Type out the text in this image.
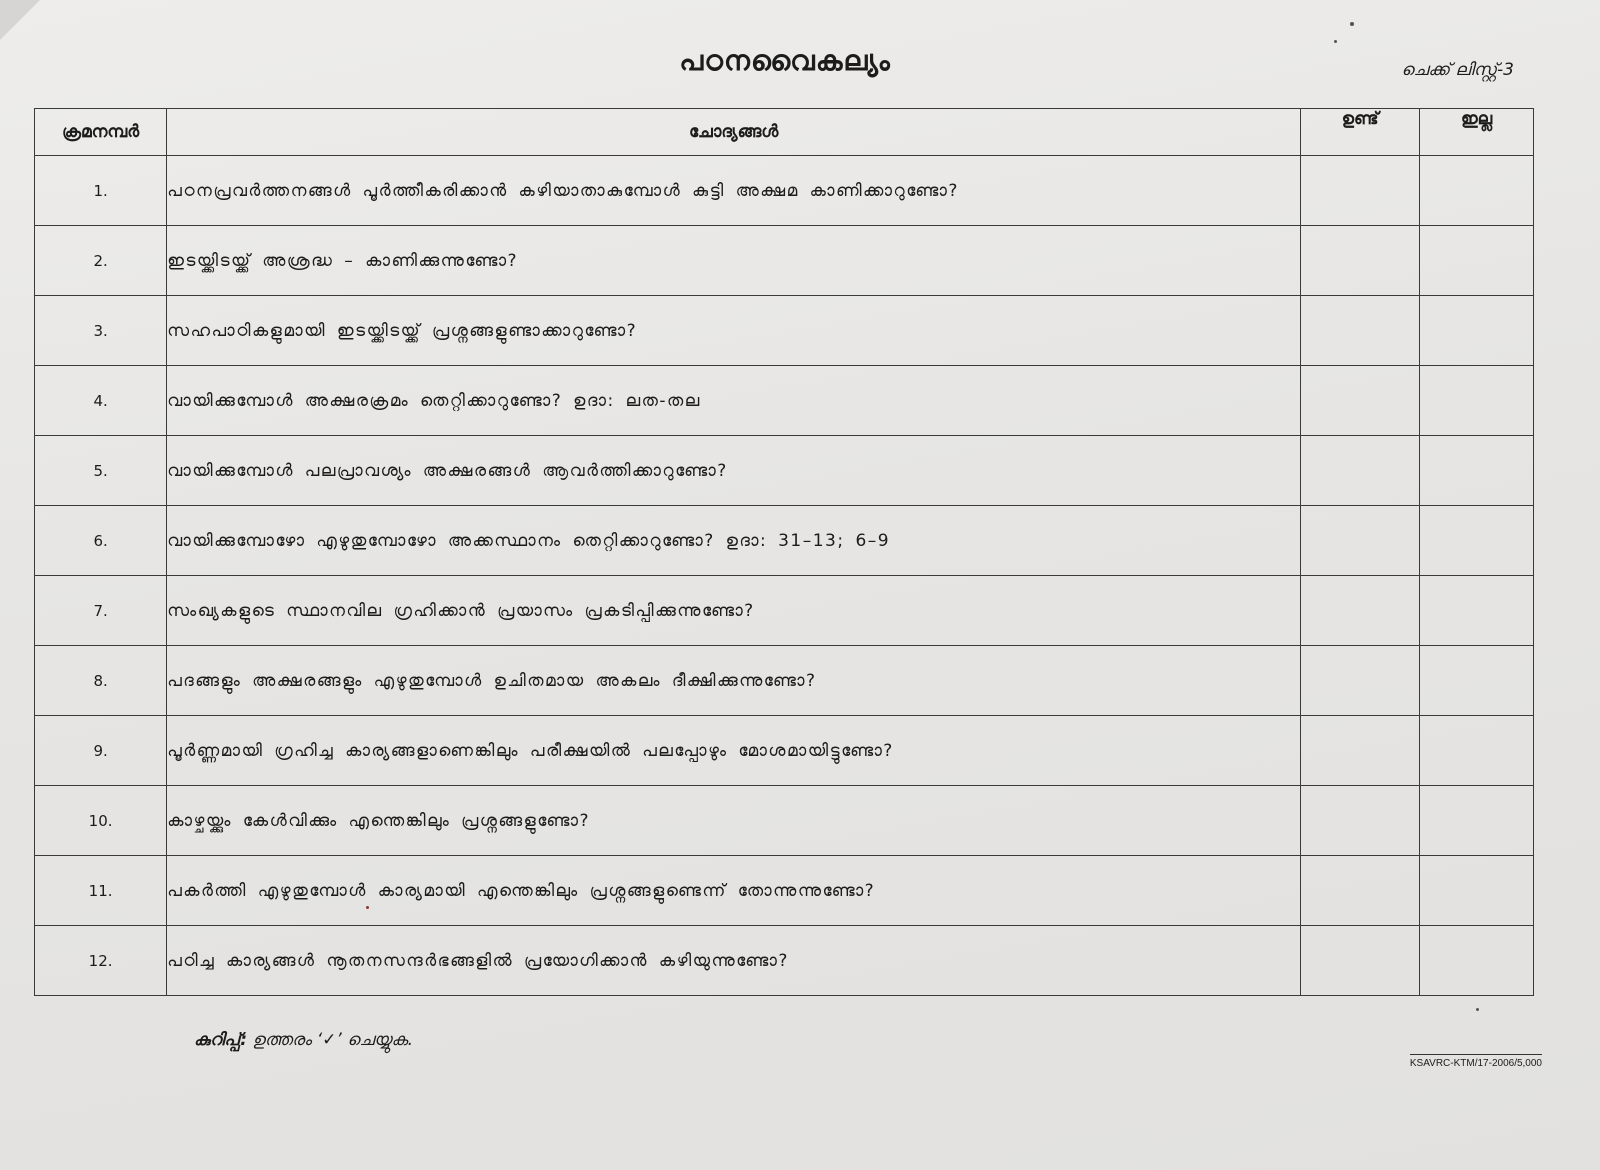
പഠനവൈകല്യം	ചെക്ക് ലിസ്റ്റ്-3
ക്രമനമ്പർ	ചോദ്യങ്ങൾ	ഉണ്ട്	ഇല്ല
1.	പഠനപ്രവർത്തനങ്ങൾ പൂർത്തീകരിക്കാൻ കഴിയാതാകുമ്പോൾ കുട്ടി അക്ഷമ കാണിക്കാറുണ്ടോ?		
2.	ഇടയ്ക്കിടയ്ക്ക് അശ്രദ്ധ – കാണിക്കുന്നുണ്ടോ?		
3.	സഹപാഠികളുമായി ഇടയ്ക്കിടയ്ക്ക് പ്രശ്നങ്ങളുണ്ടാക്കാറുണ്ടോ?		
4.	വായിക്കുമ്പോൾ അക്ഷരക്രമം തെറ്റിക്കാറുണ്ടോ? ഉദാ: ലത-തല		
5.	വായിക്കുമ്പോൾ പലപ്രാവശ്യം അക്ഷരങ്ങൾ ആവർത്തിക്കാറുണ്ടോ?		
6.	വായിക്കുമ്പോഴോ എഴുതുമ്പോഴോ അക്കസ്ഥാനം തെറ്റിക്കാറുണ്ടോ? ഉദാ: 31–13; 6–9		
7.	സംഖ്യകളുടെ സ്ഥാനവില ഗ്രഹിക്കാൻ പ്രയാസം പ്രകടിപ്പിക്കുന്നുണ്ടോ?		
8.	പദങ്ങളും അക്ഷരങ്ങളും എഴുതുമ്പോൾ ഉചിതമായ അകലം ദീക്ഷിക്കുന്നുണ്ടോ?		
9.	പൂർണ്ണമായി ഗ്രഹിച്ച കാര്യങ്ങളാണെങ്കിലും പരീക്ഷയിൽ പലപ്പോഴും മോശമായിട്ടുണ്ടോ?		
10.	കാഴ്ചയ്ക്കും കേൾവിക്കും എന്തെങ്കിലും പ്രശ്നങ്ങളുണ്ടോ?		
11.	പകർത്തി എഴുതുമ്പോൾ കാര്യമായി എന്തെങ്കിലും പ്രശ്നങ്ങളുണ്ടെന്ന് തോന്നുന്നുണ്ടോ?		
12.	പഠിച്ച കാര്യങ്ങൾ നൂതനസന്ദർഭങ്ങളിൽ പ്രയോഗിക്കാൻ കഴിയുന്നുണ്ടോ?		
കുറിപ്പ്: ഉത്തരം ‘✓’ ചെയ്യുക.
KSAVRC-KTM/17-2006/5,000
